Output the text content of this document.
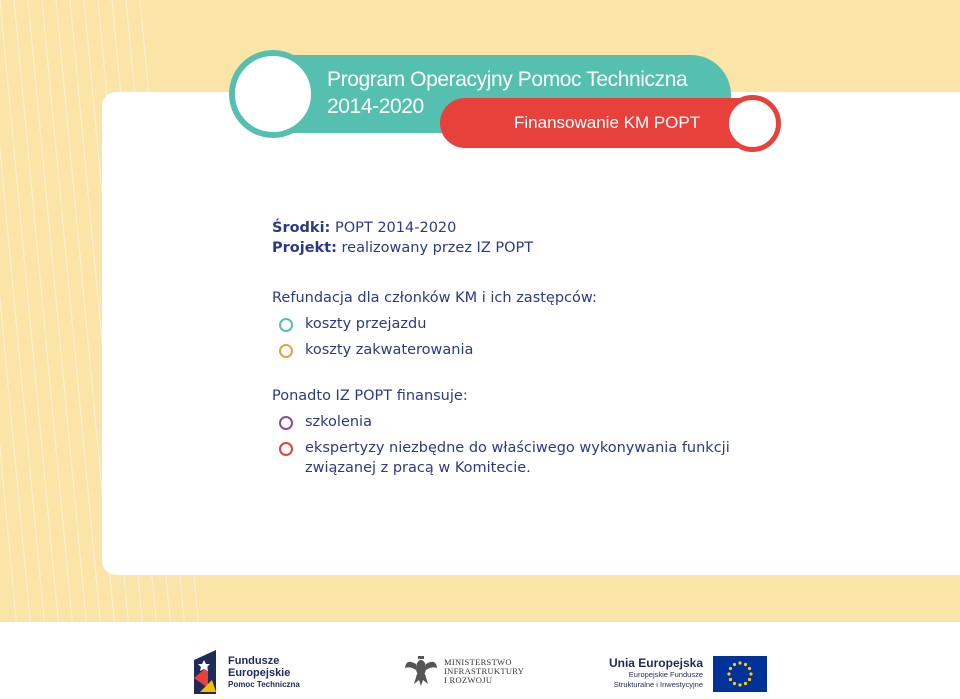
Program Operacyjny Pomoc Techniczna
2014-2020
Finansowanie KM POPT
Środki: POPT 2014-2020
Projekt: realizowany przez IZ POPT
Refundacja dla członków KM i ich zastępców:
koszty przejazdu
koszty zakwaterowania
Ponadto IZ POPT finansuje:
szkolenia
ekspertyzy niezbędne do właściwego wykonywania funkcji
związanej z pracą w Komitecie.
Fundusze
Europejskie
Pomoc Techniczna
MINISTERSTWO
INFRASTRUKTURY
I ROZWOJU
Unia Europejska
Europejskie Fundusze
Strukturalne i Inwestycyjne
